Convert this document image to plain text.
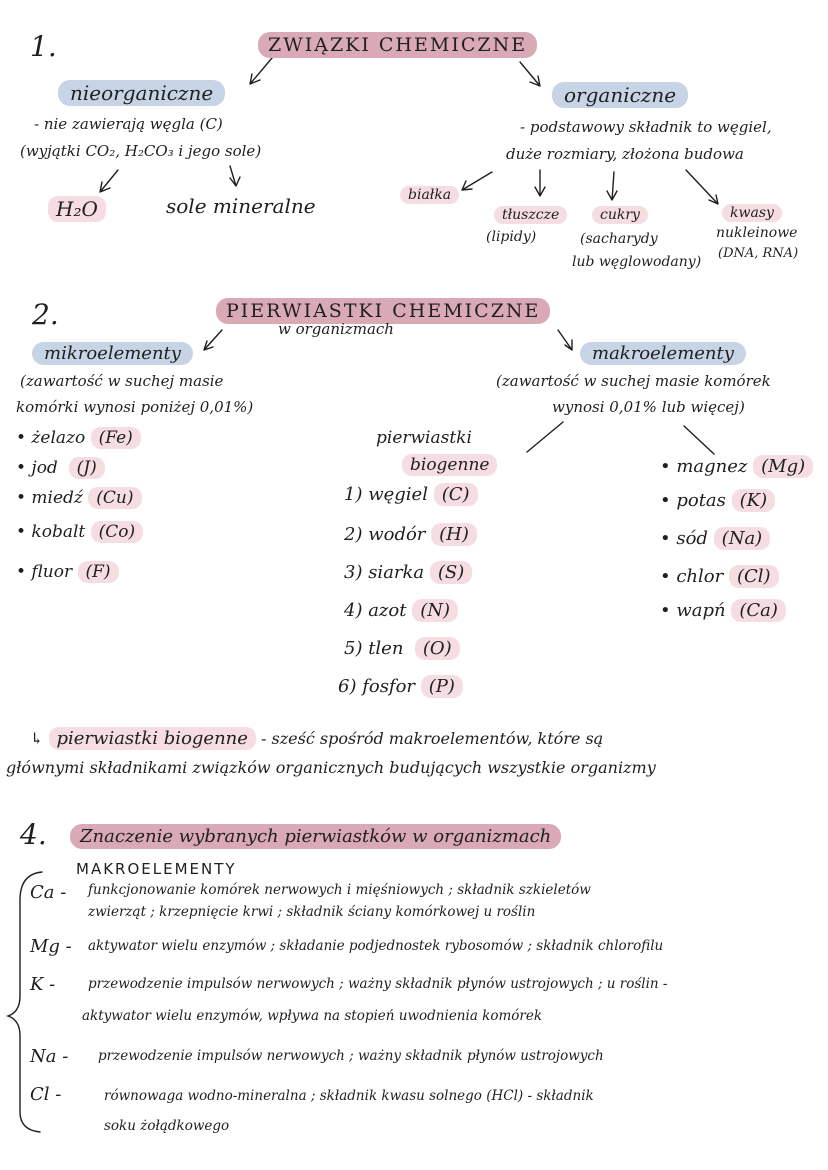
1.	ZWIĄZKI CHEMICZNE
nieorganiczne
- nie zawierają węgla (C)
(wyjątki CO₂, H₂CO₃ i jego sole)
H₂O	sole mineralne
organiczne
- podstawowy składnik to węgiel,
duże rozmiary, złożona budowa
białka
tłuszcze
(lipidy)
cukry
(sacharydy
lub węglowodany)
kwasy
nukleinowe
(DNA, RNA)
2.	PIERWIASTKI CHEMICZNE
w organizmach
mikroelementy
(zawartość w suchej masie
komórki wynosi poniżej 0,01%)
• żelazo (Fe)
• jod (J)
• miedź (Cu)
• kobalt (Co)
• fluor (F)
makroelementy
(zawartość w suchej masie komórek
wynosi 0,01% lub więcej)
pierwiastki
biogenne
1) węgiel (C)
2) wodór (H)
3) siarka (S)
4) azot (N)
5) tlen (O)
6) fosfor (P)
• magnez (Mg)
• potas (K)
• sód (Na)
• chlor (Cl)
• wapń (Ca)
↳ pierwiastki biogenne - sześć spośród makroelementów, które są
głównymi składnikami związków organicznych budujących wszystkie organizmy
4.	Znaczenie wybranych pierwiastków w organizmach
MAKROELEMENTY
Ca - funkcjonowanie komórek nerwowych i mięśniowych ; składnik szkieletów
zwierząt ; krzepnięcie krwi ; składnik ściany komórkowej u roślin
Mg - aktywator wielu enzymów ; składanie podjednostek rybosomów ; składnik chlorofilu
K - przewodzenie impulsów nerwowych ; ważny składnik płynów ustrojowych ; u roślin -
aktywator wielu enzymów, wpływa na stopień uwodnienia komórek
Na - przewodzenie impulsów nerwowych ; ważny składnik płynów ustrojowych
Cl -	równowaga wodno-mineralna ; składnik kwasu solnego (HCl) - składnik
soku żołądkowego
